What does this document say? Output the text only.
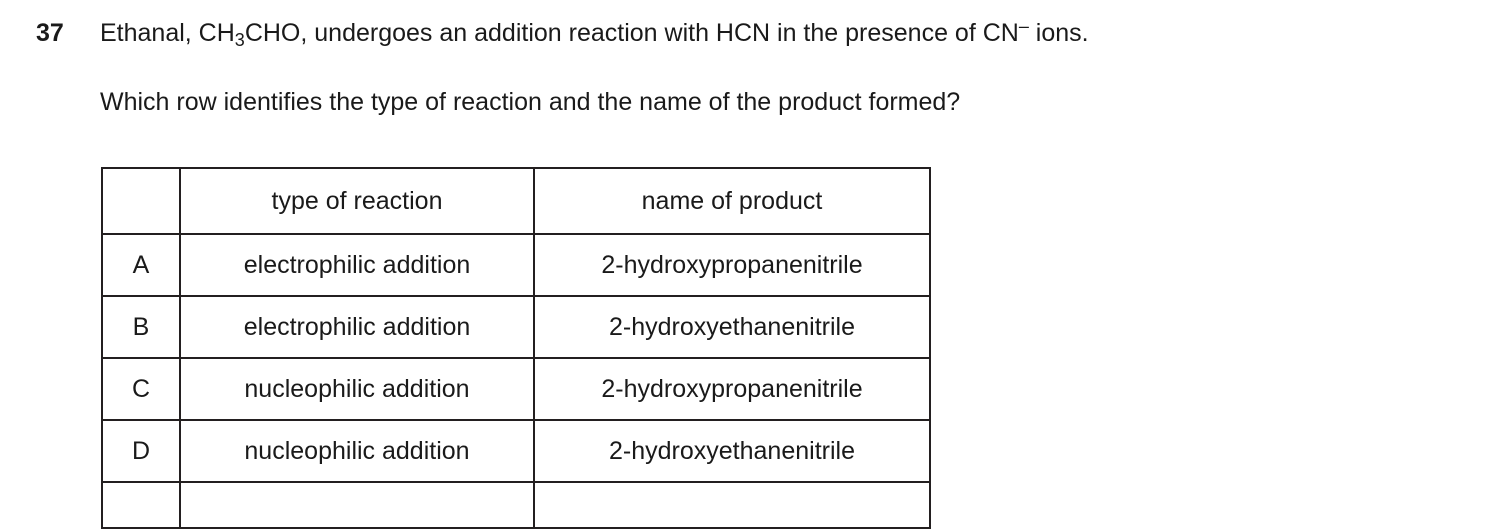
37	Ethanal, $CH_3CHO$, undergoes an addition reaction with HCN in the presence of CN– ions.
Which row identifies the type of reaction and the name of the product formed?
	type of reaction	name of product
A	electrophilic addition	2-hydroxypropanenitrile
B	electrophilic addition	2-hydroxyethanenitrile
C	nucleophilic addition	2-hydroxypropanenitrile
D	nucleophilic addition	2-hydroxyethanenitrile
